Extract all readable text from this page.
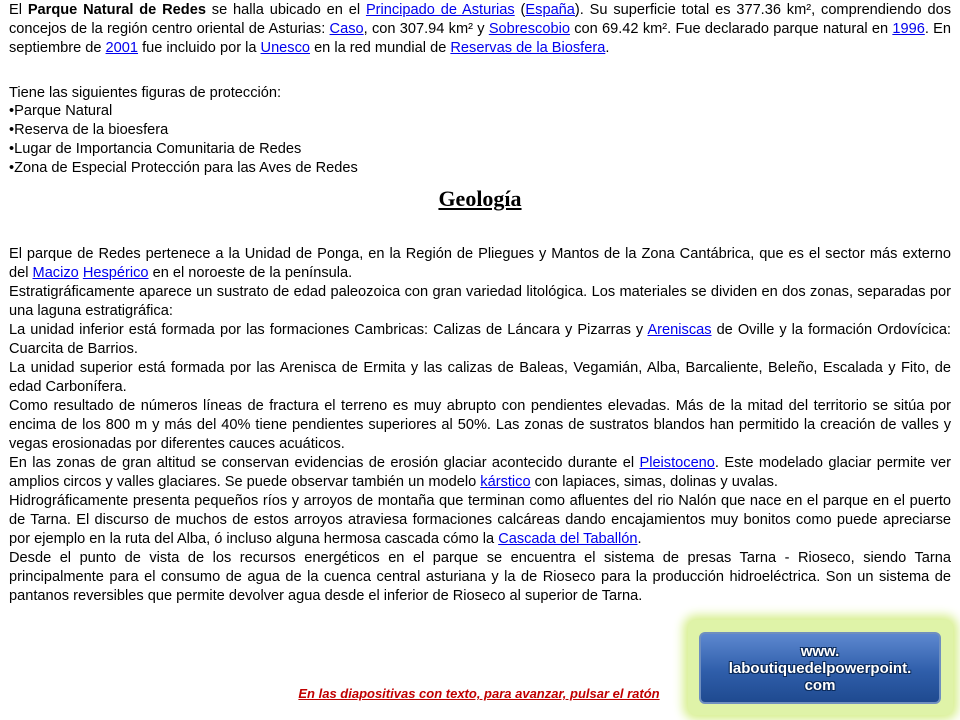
El Parque Natural de Redes se halla ubicado en el Principado de Asturias (España). Su superficie total es 377.36 km², comprendiendo dos concejos de la región centro oriental de Asturias: Caso, con 307.94 km² y Sobrescobio con 69.42 km². Fue declarado parque natural en 1996. En septiembre de 2001 fue incluido por la Unesco en la red mundial de Reservas de la Biosfera.
Tiene las siguientes figuras de protección:
•Parque Natural
•Reserva de la bioesfera
•Lugar de Importancia Comunitaria de Redes
•Zona de Especial Protección para las Aves de Redes
Geología

El parque de Redes pertenece a la Unidad de Ponga, en la Región de Pliegues y Mantos de la Zona Cantábrica, que es el sector más externo del Macizo Hespérico en el noroeste de la península.

Estratigráficamente aparece un sustrato de edad paleozoica con gran variedad litológica. Los materiales se dividen en dos zonas, separadas por una laguna estratigráfica:

La unidad inferior está formada por las formaciones Cambricas: Calizas de Láncara y Pizarras y Areniscas de Oville y la formación Ordovícica: Cuarcita de Barrios.

La unidad superior está formada por las Arenisca de Ermita y las calizas de Baleas, Vegamián, Alba, Barcaliente, Beleño, Escalada y Fito, de edad Carbonífera.

Como resultado de números líneas de fractura el terreno es muy abrupto con pendientes elevadas. Más de la mitad del territorio se sitúa por encima de los 800 m y más del 40% tiene pendientes superiores al 50%. Las zonas de sustratos blandos han permitido la creación de valles y vegas erosionadas por diferentes cauces acuáticos.

En las zonas de gran altitud se conservan evidencias de erosión glaciar acontecido durante el Pleistoceno. Este modelado glaciar permite ver amplios circos y valles glaciares. Se puede observar también un modelo kárstico con lapiaces, simas, dolinas y uvalas.

Hidrográficamente presenta pequeños ríos y arroyos de montaña que terminan como afluentes del rio Nalón que nace en el parque en el puerto de Tarna. El discurso de muchos de estos arroyos atraviesa formaciones calcáreas dando encajamientos muy bonitos como puede apreciarse por ejemplo en la ruta del Alba, ó incluso alguna hermosa cascada cómo la Cascada del Taballón.

Desde el punto de vista de los recursos energéticos en el parque se encuentra el sistema de presas Tarna - Rioseco, siendo Tarna principalmente para el consumo de agua de la cuenca central asturiana y la de Rioseco para la producción hidroeléctrica. Son un sistema de pantanos reversibles que permite devolver agua desde el inferior de Rioseco al superior de Tarna.

En las diapositivas con texto, para avanzar, pulsar el ratón
www.
laboutiquedelpowerpoint.
com
